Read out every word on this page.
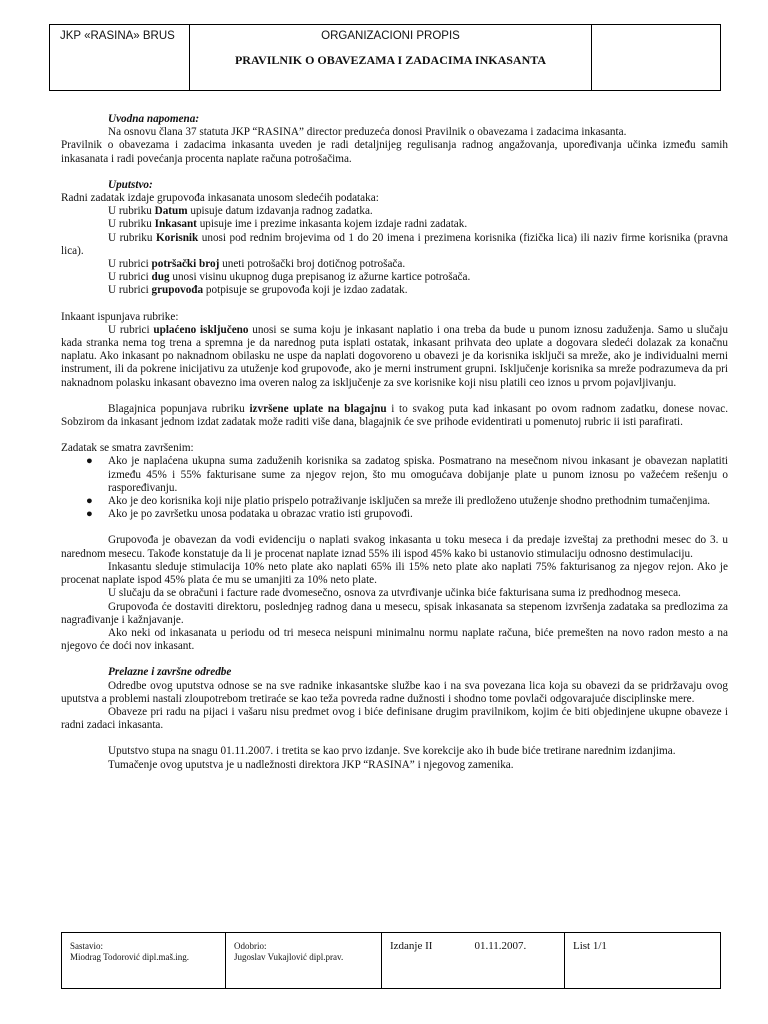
JKP «RASINA» BRUS	ORGANIZACIONI PROPIS
PRAVILNIK O OBAVEZAMA I ZADACIMA INKASANTA

Uvodna napomena:

Na osnovu člana 37 statuta JKP “RASINA” director preduzeća donosi Pravilnik o obavezama i zadacima inkasanta.

Pravilnik o obavezama i zadacima inkasanta uveden je radi detaljnijeg regulisanja radnog angažovanja, upoređivanja učinka između samih inkasanata i radi povećanja procenta naplate računa potrošačima.

Uputstvo:

Radni zadatak izdaje grupovođa inkasanata unosom sledećih podataka:

U rubriku Datum upisuje datum izdavanja radnog zadatka.

U rubriku Inkasant upisuje ime i prezime inkasanta kojem izdaje radni zadatak.

U rubriku Korisnik unosi pod rednim brojevima od 1 do 20 imena i prezimena korisnika (fizička lica) ili naziv firme korisnika (pravna lica).

U rubrici potršački broj uneti potrošački broj dotičnog potrošača.

U rubrici dug unosi visinu ukupnog duga prepisanog iz ažurne kartice potrošača.

U rubrici grupovođa potpisuje se grupovođa koji je izdao zadatak.

Inkaant ispunjava rubrike:

U rubrici uplaćeno isključeno unosi se suma koju je inkasant naplatio i ona treba da bude u punom iznosu zaduženja. Samo u slučaju kada stranka nema tog trena a spremna je da narednog puta isplati ostatak, inkasant prihvata deo uplate a dogovara sledeći dolazak za konačnu naplatu. Ako inkasant po naknadnom obilasku ne uspe da naplati dogovoreno u obavezi je da korisnika isključi sa mreže, ako je individualni merni instrument, ili da pokrene inicijativu za utuženje kod grupovođe, ako je merni instrument grupni. Isključenje korisnika sa mreže podrazumeva da pri naknadnom polasku inkasant obavezno ima overen nalog za isključenje za sve korisnike koji nisu platili ceo iznos u prvom pojavljivanju.

Blagajnica popunjava rubriku izvršene uplate na blagajnu i to svakog puta kad inkasant po ovom radnom zadatku, donese novac. Sobzirom da inkasant jednom izdat zadatak može raditi više dana, blagajnik će sve prihode evidentirati u pomenutoj rubric ii isti parafirati.

Zadatak se smatra završenim:

● Ako je naplaćena ukupna suma zaduženih korisnika sa zadatog spiska. Posmatrano na mesečnom nivou inkasant je obavezan naplatiti između 45% i 55% fakturisane sume za njegov rejon, što mu omogućava dobijanje plate u punom iznosu po važećem rešenju o raspoređivanju.
● Ako je deo korisnika koji nije platio prispelo potraživanje isključen sa mreže ili predloženo utuženje shodno prethodnim tumačenjima.
● Ako je po završetku unosa podataka u obrazac vratio isti grupovođi.

Grupovođa je obavezan da vodi evidenciju o naplati svakog inkasanta u toku meseca i da predaje izveštaj za prethodni mesec do 3. u narednom mesecu. Takođe konstatuje da li je procenat naplate iznad 55% ili ispod 45% kako bi ustanovio stimulaciju odnosno destimulaciju.

Inkasantu sleduje stimulacija 10% neto plate ako naplati 65% ili 15% neto plate ako naplati 75% fakturisanog za njegov rejon. Ako je procenat naplate ispod 45% plata će mu se umanjiti za 10% neto plate.

U slučaju da se obračuni i facture rade dvomesečno, osnova za utvrđivanje učinka biće fakturisana suma iz predhodnog meseca.

Grupovođa će dostaviti direktoru, poslednjeg radnog dana u mesecu, spisak inkasanata sa stepenom izvršenja zadataka sa predlozima za nagrađivanje i kažnjavanje.

Ako neki od inkasanata u periodu od tri meseca neispuni minimalnu normu naplate računa, biće premešten na novo radon mesto a na njegovo će doći nov inkasant.

Prelazne i završne odredbe

Odredbe ovog uputstva odnose se na sve radnike inkasantske službe kao i na sva povezana lica koja su obavezi da se pridržavaju ovog uputstva a problemi nastali zloupotrebom tretiraće se kao teža povreda radne dužnosti i shodno tome povlači odgovarajuće disciplinske mere.

Obaveze pri radu na pijaci i vašaru nisu predmet ovog i biće definisane drugim pravilnikom, kojim će biti objedinjene ukupne obaveze i radni zadaci inkasanta.

Uputstvo stupa na snagu 01.11.2007. i tretita se kao prvo izdanje. Sve korekcije ako ih bude biće tretirane narednim izdanjima.

Tumačenje ovog uputstva je u nadležnosti direktora JKP “RASINA” i njegovog zamenika.

Sastavio:
Miodrag Todorović dipl.maš.ing.
Odobrio:
Jugoslav Vukajlović dipl.prav.
Izdanje II	01.11.2007.	List 1/1
